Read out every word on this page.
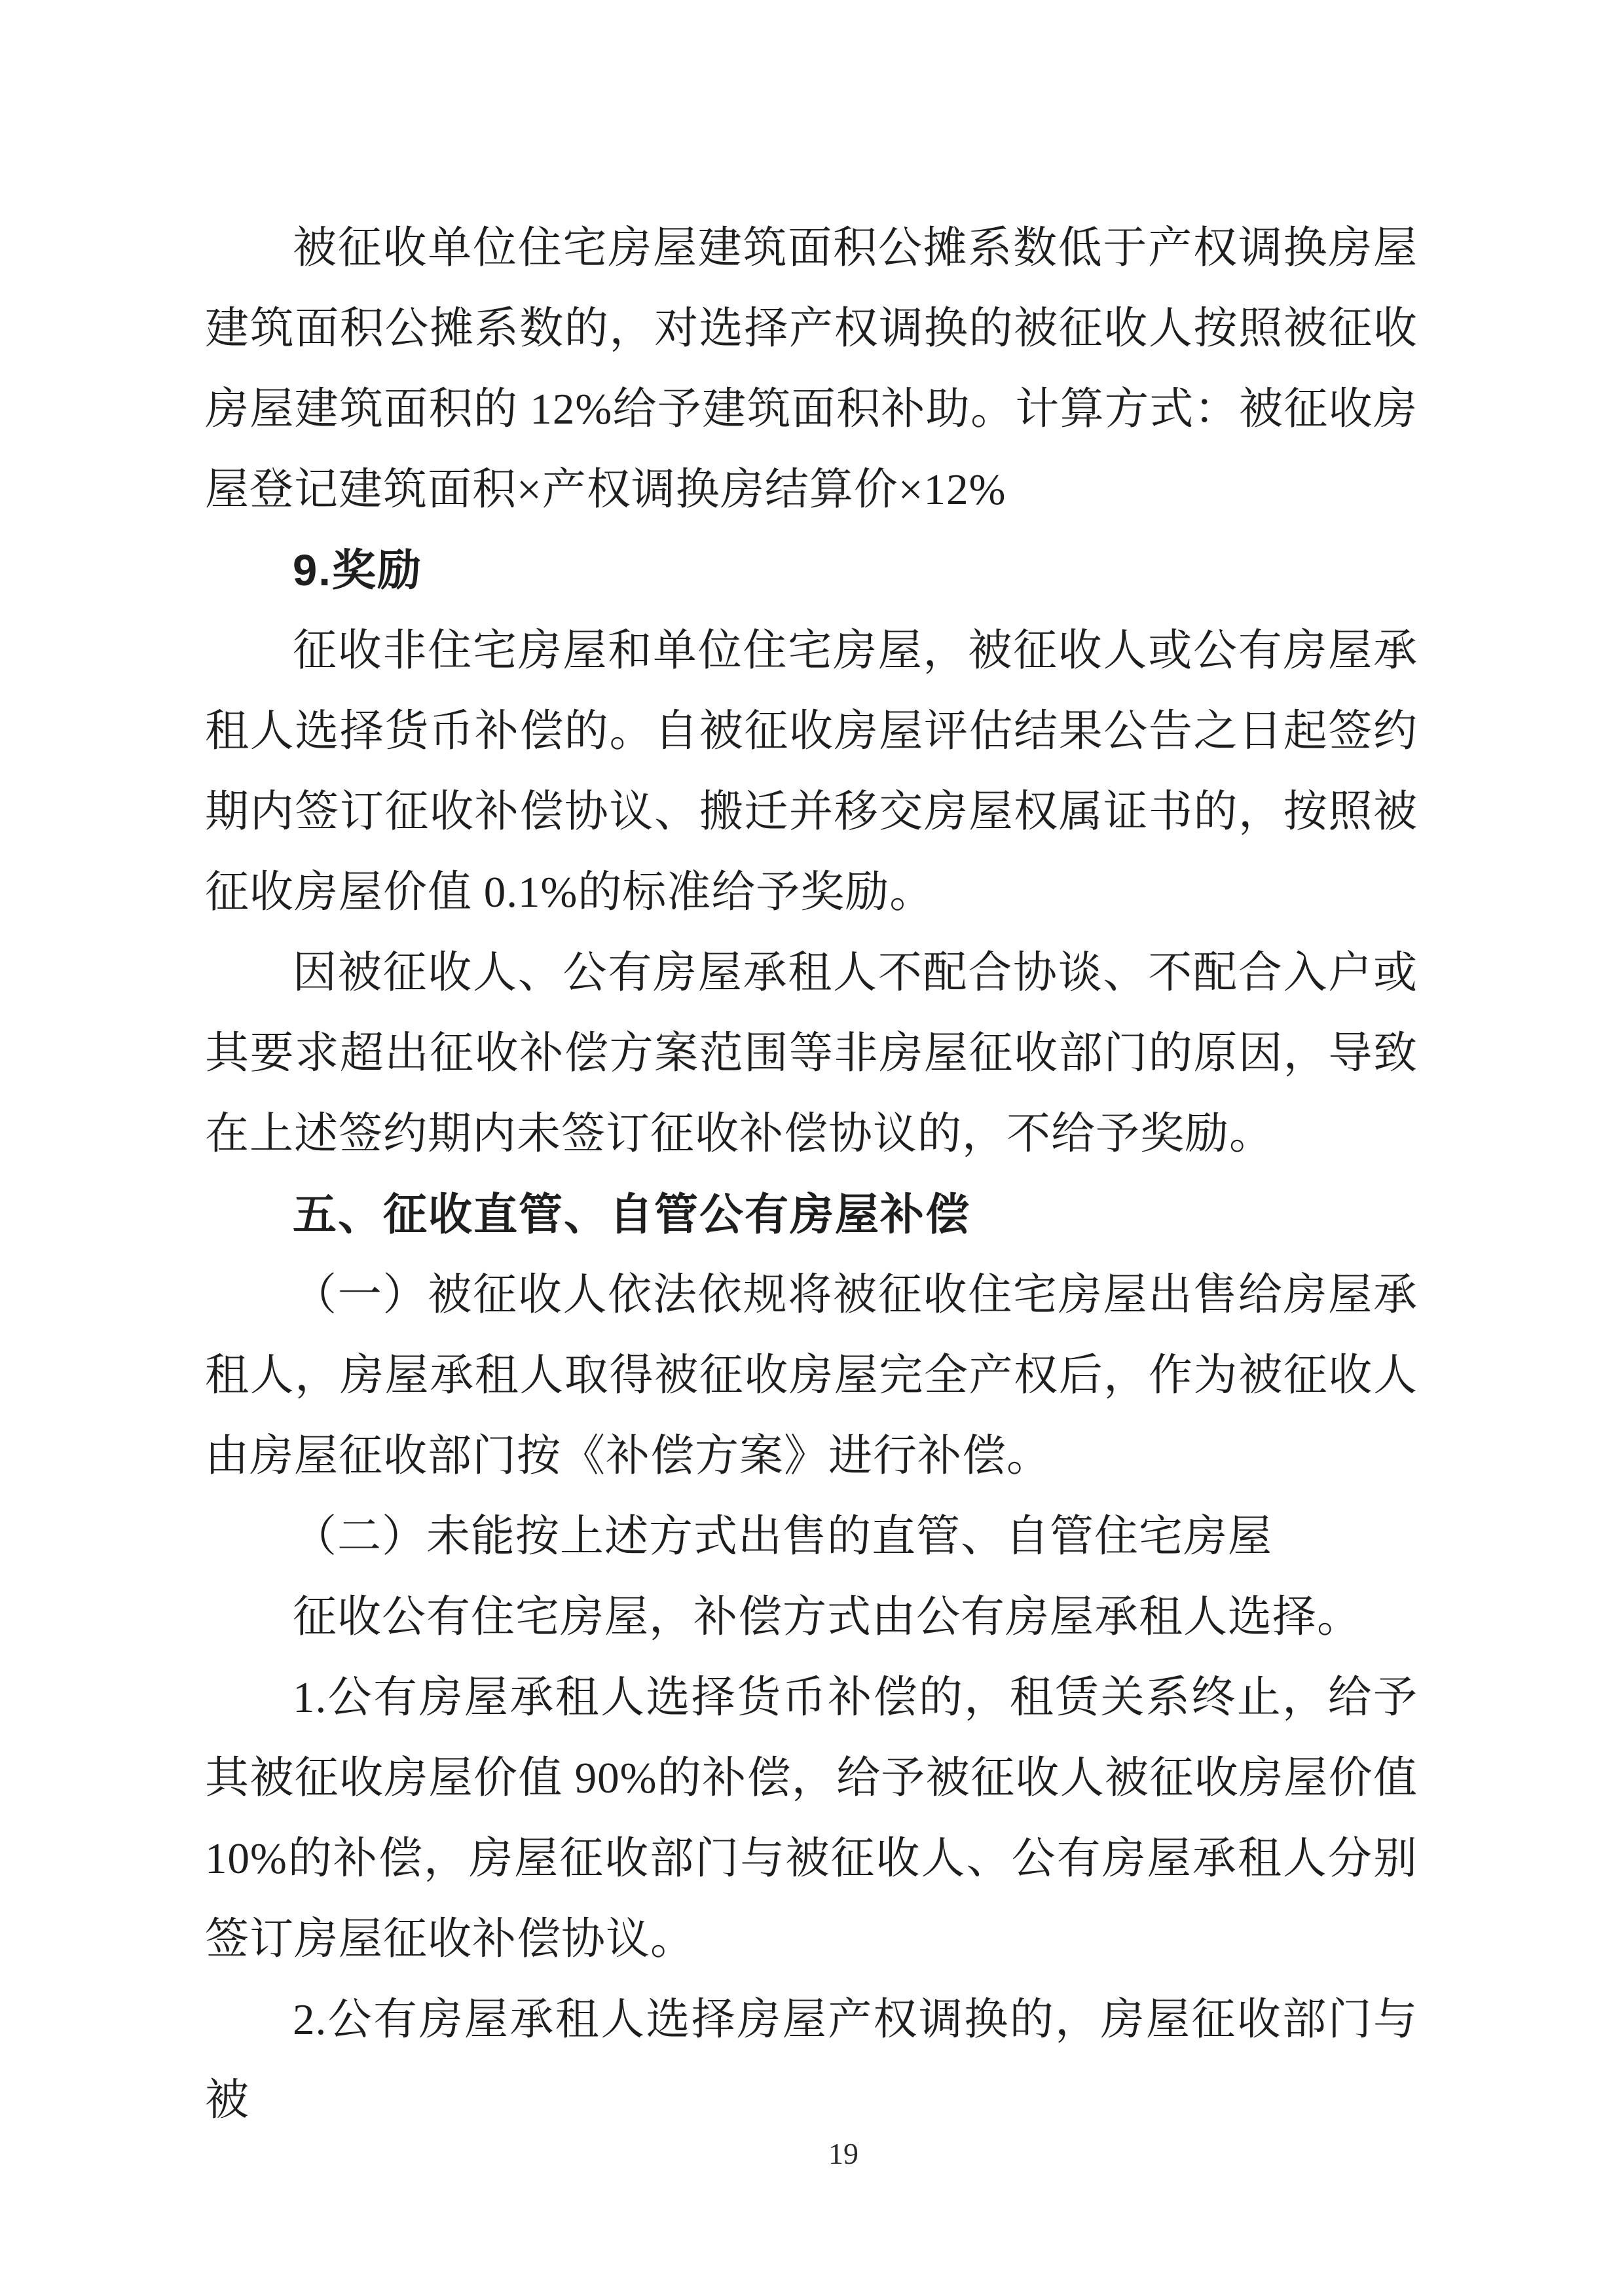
被征收单位住宅房屋建筑面积公摊系数低于产权调换房屋建筑面积公摊系数的，对选择产权调换的被征收人按照被征收房屋建筑面积的 12%给予建筑面积补助。计算方式：被征收房屋登记建筑面积×产权调换房结算价×12%

9.奖励

征收非住宅房屋和单位住宅房屋，被征收人或公有房屋承租人选择货币补偿的。自被征收房屋评估结果公告之日起签约期内签订征收补偿协议、搬迁并移交房屋权属证书的，按照被征收房屋价值 0.1%的标准给予奖励。

因被征收人、公有房屋承租人不配合协谈、不配合入户或其要求超出征收补偿方案范围等非房屋征收部门的原因，导致在上述签约期内未签订征收补偿协议的，不给予奖励。

五、征收直管、自管公有房屋补偿

（一）被征收人依法依规将被征收住宅房屋出售给房屋承租人，房屋承租人取得被征收房屋完全产权后，作为被征收人由房屋征收部门按《补偿方案》进行补偿。

（二）未能按上述方式出售的直管、自管住宅房屋

征收公有住宅房屋，补偿方式由公有房屋承租人选择。

1.公有房屋承租人选择货币补偿的，租赁关系终止，给予其被征收房屋价值 90%的补偿，给予被征收人被征收房屋价值 10%的补偿，房屋征收部门与被征收人、公有房屋承租人分别签订房屋征收补偿协议。

2.公有房屋承租人选择房屋产权调换的，房屋征收部门与被

19
